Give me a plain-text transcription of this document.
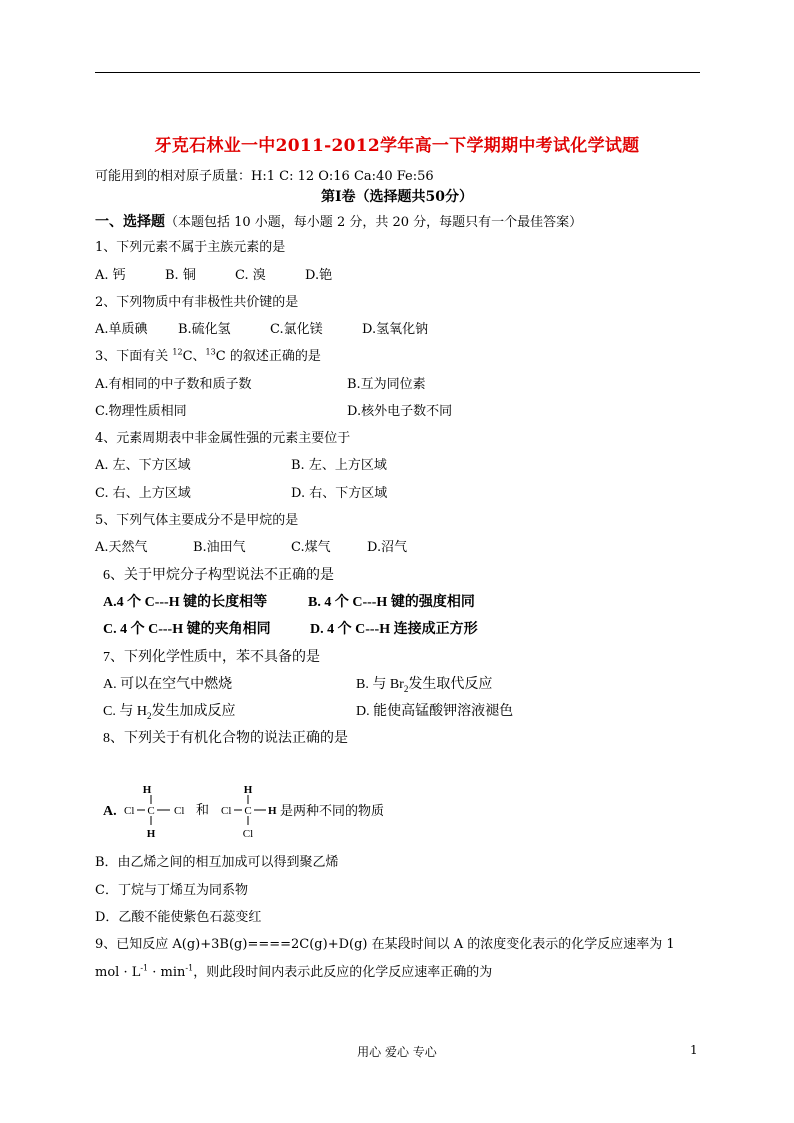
牙克石林业一中2011-2012学年高一下学期期中考试化学试题
可能用到的相对原子质量：H:1 C: 12 O:16 Ca:40 Fe:56
第Ⅰ卷（选择题共50分）
一、选择题（本题包括 10 小题，每小题 2 分，共 20 分，每题只有一个最佳答案）
1、下列元素不属于主族元素的是
A. 钙	B. 铜	C. 溴	D.铯
2、下列物质中有非极性共价键的是
A.单质碘 B.硫化氢	C.氯化镁	D.氢氧化钠
3、下面有关 $^{12}$C、$^{13}$C 的叙述正确的是
A.有相同的中子数和质子数	B.互为同位素
C.物理性质相同	D.核外电子数不同
4、元素周期表中非金属性强的元素主要位于
A. 左、下方区域	B. 左、上方区域
C. 右、上方区域	D. 右、下方区域
5、下列气体主要成分不是甲烷的是
A.天然气	B.油田气	C.煤气	D.沼气
6、关于甲烷分子构型说法不正确的是
A.4 个 C---H 键的长度相等	B. 4 个 C---H 键的强度相同
C. 4 个 C---H 键的夹角相同	D. 4 个 C---H 连接成正方形
7、下列化学性质中，苯不具备的是
A. 可以在空气中燃烧	B. 与 $Br_2$发生取代反应
C. 与 $H_2$发生加成反应	D. 能使高锰酸钾溶液褪色
8、下列关于有机化合物的说法正确的是
A.
H
Cl C Cl
H
和
H
Cl C H
Cl
是两种不同的物质
B．由乙烯之间的相互加成可以得到聚乙烯
C．丁烷与丁烯互为同系物
D．乙酸不能使紫色石蕊变红
9、已知反应 A(g)+3B(g)====2C(g)+D(g) 在某段时间以 A 的浓度变化表示的化学反应速率为 1
mol · $L^{-1} \cdot \min^{-1}$，则此段时间内表示此反应的化学反应速率正确的为
用心 爱心 专心	1
